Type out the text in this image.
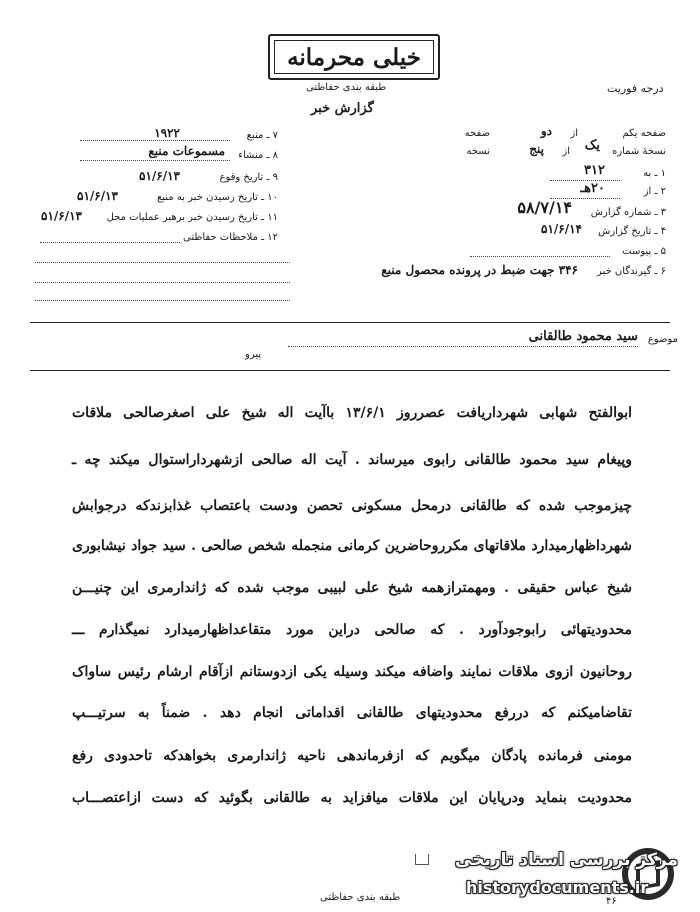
خیلی محرمانه
طبقه بندی حفاظتی	درجه فوریت
گزارش خبر
صفحه یکم
از
دو
صفحه
نسخهٔ شماره
یک
از
پنج
نسخه
۱ ـ به
۳۱۲
۲ ـ از
۲۰هـ
۳ ـ شماره گزارش
۵۸/۷/۱۴
۴ ـ تاریخ گزارش
۵۱/۶/۱۴
۵ ـ پیوست
۶ ـ گیرندگان خبر
۳۴۶ جهت ضبط در پرونده محصول منبع
۷ ـ منبع
۱۹۲۲
۸ ـ منشاء
مسموعات منبع
۹ ـ تاریخ وقوع
۵۱/۶/۱۳
۱۰ ـ تاریخ رسیدن خبر به منبع
۵۱/۶/۱۳
۱۱ ـ تاریخ رسیدن خبر برهبر عملیات محل
۵۱/۶/۱۳
۱۲ ـ ملاحظات حفاظتی
موضوع
سید محمود طالقانی
پیرو
ابوالفتح شهابی شهرداریافت عصرروز ۱۳/۶/۱ باآیت اله شیخ علی اصغرصالحی ملاقات
وپیغام سید محمود طالقانی رابوی میرساند . آیت اله صالحی ازشهرداراستوال میکند چه ـ
چیزموجب شده که طالقانی درمحل مسکونی تحصن ودست باعتصاب غذابزندکه درجوابش
شهرداظهارمیدارد ملاقاتهای مکرروحاضرین کرمانی منجمله شخص صالحی . سید جواد نیشابوری
شیخ عباس حقیقی . ومهمترازهمه شیخ علی لبیبی موجب شده که ژاندارمری این چنیـــن
محدودیتهائی رابوجودآورد . که صالحی دراین مورد متقاعداظهارمیدارد نمیگذارم ـــ
روحانیون ازوی ملاقات نمایند واضافه میکند وسیله یکی ازدوستانم ازآقام ارشام رئیس ساواک
تقاضامیکنم که دررفع محدودیتهای طالقانی اقداماتی انجام دهد . ضمناً به سرتیـــپ
مومنی فرمانده پادگان میگویم که ازفرماندهی ناحیه ژاندارمری بخواهدکه تاحدودی رفع
محدودیت بنماید ودرپایان این ملاقات میافزاید به طالقانی بگوئید که دست ازاعتصـــاب
طبقه بندی حفاظتی	۴۶
مرکز بررسی اسناد تاریخی
historydocuments.ir
